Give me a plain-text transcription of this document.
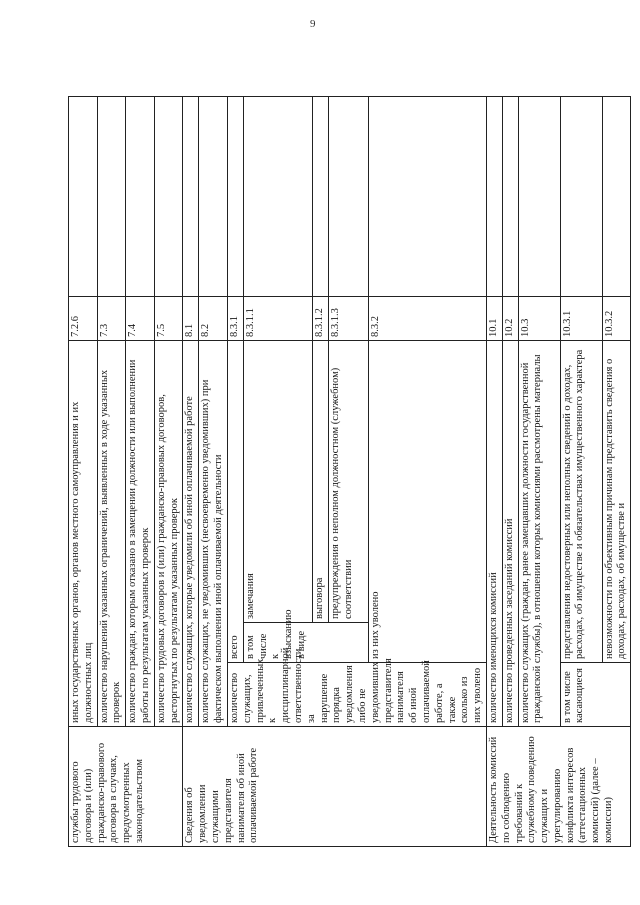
9
службы трудового договора и (или) гражданско-правового договора в случаях, предусмотренных законодательством	иных государственных органов, органов местного самоуправления и их должностных лиц			7.2.6	
	количество нарушений указанных ограничений, выявленных в ходе указанных проверок			7.3	
	количество граждан, которым отказано в замещении должности или выполнении работы по результатам указанных проверок			7.4	
	количество трудовых договоров и (или) гражданско-правовых договоров, расторгнутых по результатам указанных проверок			7.5	
Сведения об уведомлении служащими представителя нанимателя об иной оплачиваемой работе	количество служащих, которые уведомили об иной оплачиваемой работе			8.1	
	количество служащих, не уведомивших (несвоевременно уведомивших) при фактическом выполнении иной оплачиваемой деятельности			8.2	
	количество служащих, привлеченных к дисциплинарной ответственности за нарушение порядка уведомления либо не уведомивших представителя нанимателя об иной оплачиваемой работе, а также сколько из них уволено	всего		8.3.1	
		в том числе к взысканию в виде	замечания	8.3.1.1	
			выговора	8.3.1.2	
			предупреждения о неполном должностном (служебном) соответствии	8.3.1.3	
		из них уволено		8.3.2	
Деятельность комиссий по соблюдению требований к служебному поведению служащих и урегулированию конфликта интересов (аттестационных комиссий) (далее – комиссии)	количество имеющихся комиссий			10.1	
	количество проведенных заседаний комиссий			10.2	
	количество служащих (граждан, ранее замещавших должности государственной гражданской службы), в отношении которых комиссиями рассмотрены материалы			10.3	
	в том числе касающиеся	представления недостоверных или неполных сведений о доходах, расходах, об имуществе и обязательствах имущественного характера		10.3.1	
		невозможности по объективным причинам представить сведения о доходах, расходах, об имуществе и		10.3.2	
